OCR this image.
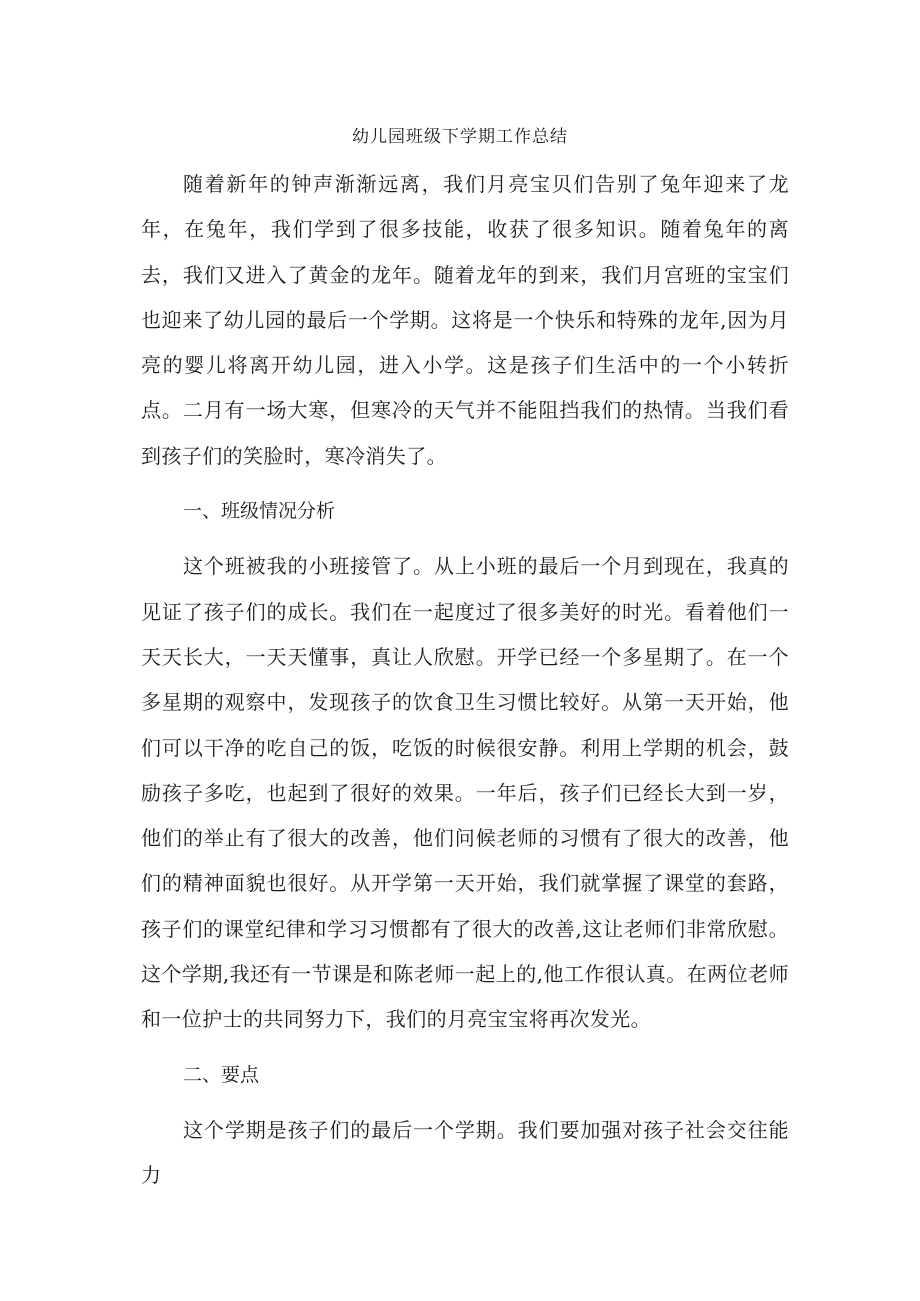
幼儿园班级下学期工作总结

随着新年的钟声渐渐远离，我们月亮宝贝们告别了兔年迎来了龙年，在兔年，我们学到了很多技能，收获了很多知识。随着兔年的离去，我们又进入了黄金的龙年。随着龙年的到来，我们月宫班的宝宝们也迎来了幼儿园的最后一个学期。这将是一个快乐和特殊的龙年,因为月亮的婴儿将离开幼儿园，进入小学。这是孩子们生活中的一个小转折点。二月有一场大寒，但寒冷的天气并不能阻挡我们的热情。当我们看到孩子们的笑脸时，寒冷消失了。

一、班级情况分析

这个班被我的小班接管了。从上小班的最后一个月到现在，我真的见证了孩子们的成长。我们在一起度过了很多美好的时光。看着他们一天天长大，一天天懂事，真让人欣慰。开学已经一个多星期了。在一个多星期的观察中，发现孩子的饮食卫生习惯比较好。从第一天开始，他们可以干净的吃自己的饭，吃饭的时候很安静。利用上学期的机会，鼓励孩子多吃，也起到了很好的效果。一年后，孩子们已经长大到一岁，他们的举止有了很大的改善，他们问候老师的习惯有了很大的改善，他们的精神面貌也很好。从开学第一天开始，我们就掌握了课堂的套路，孩子们的课堂纪律和学习习惯都有了很大的改善,这让老师们非常欣慰。这个学期,我还有一节课是和陈老师一起上的,他工作很认真。在两位老师和一位护士的共同努力下，我们的月亮宝宝将再次发光。

二、要点

这个学期是孩子们的最后一个学期。我们要加强对孩子社会交往能力
